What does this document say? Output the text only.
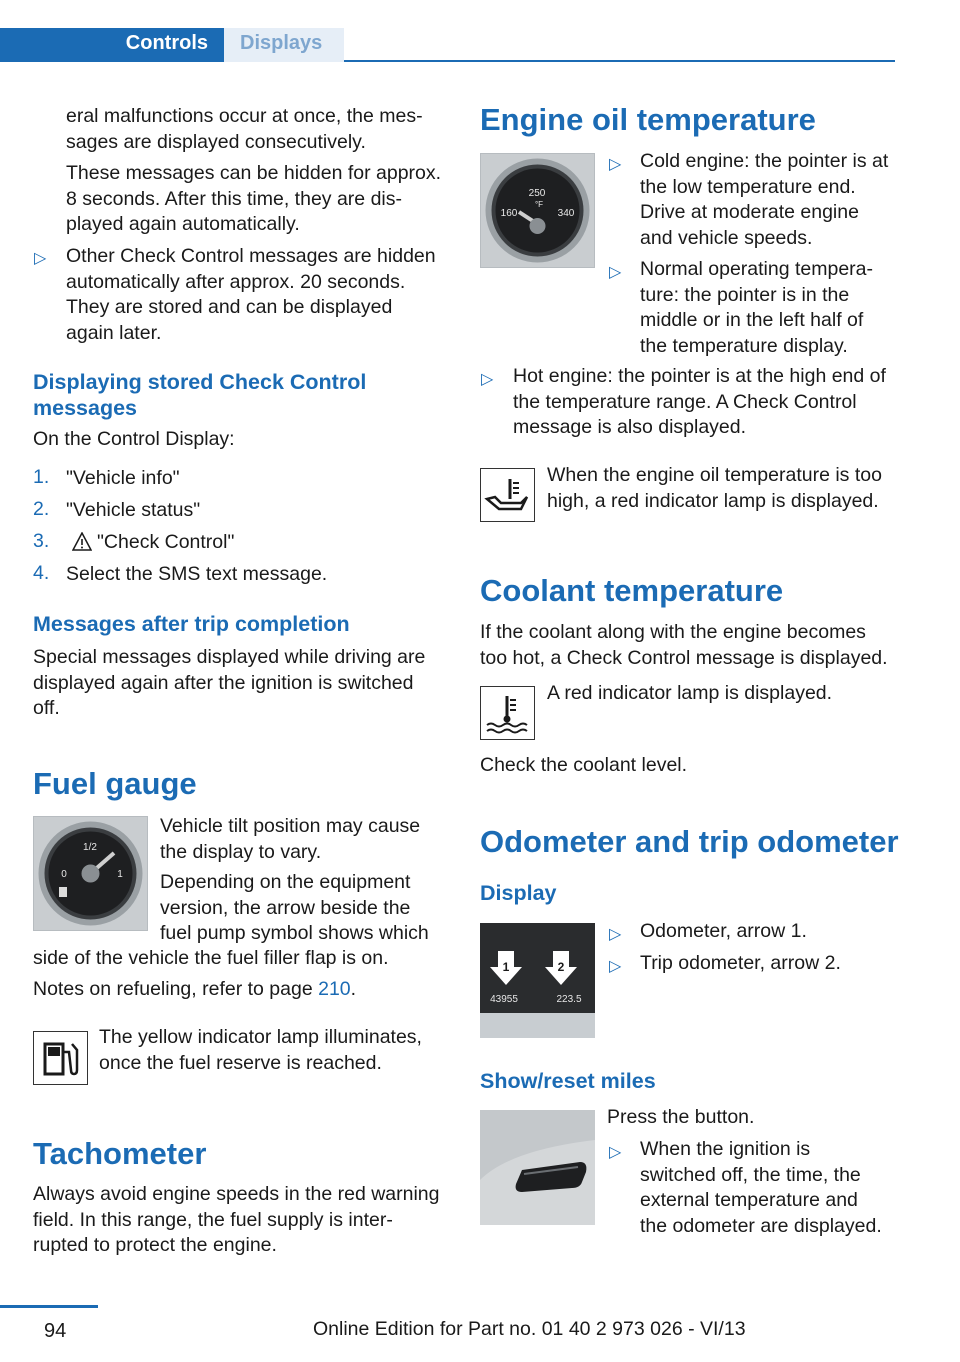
Controls	Displays
eral malfunctions occur at once, the mes-
sages are displayed consecutively.
These messages can be hidden for approx.
8 seconds. After this time, they are dis-
played again automatically.
▷ Other Check Control messages are hidden
automatically after approx. 20 seconds.
They are stored and can be displayed
again later.
Displaying stored Check Control
messages
On the Control Display:
1. "Vehicle info"
2. "Vehicle status"
3. "Check Control"
4. Select the SMS text message.
Messages after trip completion
Special messages displayed while driving are
displayed again after the ignition is switched
off.
Fuel gauge
1/2
0	1
Vehicle tilt position may cause
the display to vary.
Depending on the equipment
version, the arrow beside the
fuel pump symbol shows which
side of the vehicle the fuel filler flap is on.
Notes on refueling, refer to page 210.
The yellow indicator lamp illuminates,
once the fuel reserve is reached.
Tachometer
Always avoid engine speeds in the red warning
field. In this range, the fuel supply is inter-
rupted to protect the engine.
Engine oil temperature
250
°F
160	340
▷ Cold engine: the pointer is at
the low temperature end.
Drive at moderate engine
and vehicle speeds.
▷ Normal operating tempera-
ture: the pointer is in the
middle or in the left half of
the temperature display.
▷ Hot engine: the pointer is at the high end of
the temperature range. A Check Control
message is also displayed.
When the engine oil temperature is too
high, a red indicator lamp is displayed.
Coolant temperature
If the coolant along with the engine becomes
too hot, a Check Control message is displayed.
A red indicator lamp is displayed.
Check the coolant level.
Odometer and trip odometer
Display
1	2
43955	223.5
▷ Odometer, arrow 1.
▷ Trip odometer, arrow 2.
Show/reset miles
Press the button.
▷ When the ignition is
switched off, the time, the
external temperature and
the odometer are displayed.
94	Online Edition for Part no. 01 40 2 973 026 - VI/13
